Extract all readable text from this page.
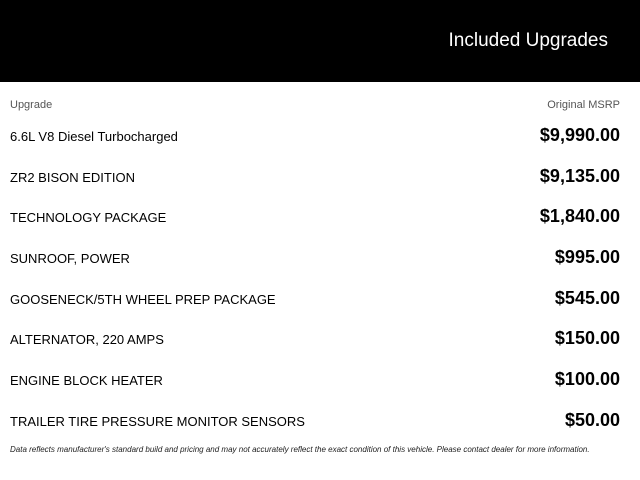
Included Upgrades
Upgrade	Original MSRP
6.6L V8 Diesel Turbocharged	$9,990.00
ZR2 BISON EDITION	$9,135.00
TECHNOLOGY PACKAGE	$1,840.00
SUNROOF, POWER	$995.00
GOOSENECK/5TH WHEEL PREP PACKAGE	$545.00
ALTERNATOR, 220 AMPS	$150.00
ENGINE BLOCK HEATER	$100.00
TRAILER TIRE PRESSURE MONITOR SENSORS	$50.00
Data reflects manufacturer's standard build and pricing and may not accurately reflect the exact condition of this vehicle. Please contact dealer for more information.
